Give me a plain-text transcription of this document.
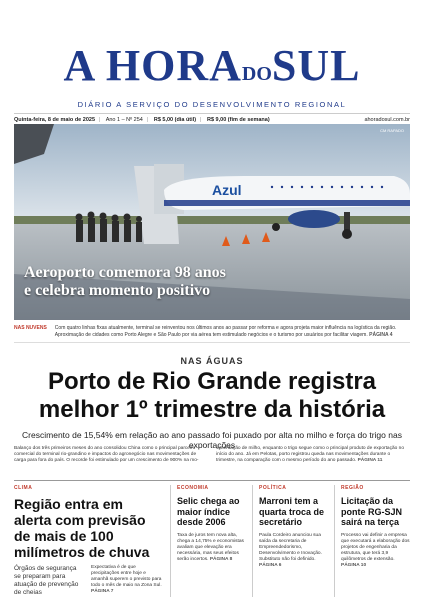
A HORADOSUL
DIÁRIO A SERVIÇO DO DESENVOLVIMENTO REGIONAL
Quinta-feira, 8 de maio de 2025 | Ano 1 – Nº 254 | R$ 5,00 (dia útil) | R$ 9,00 (fim de semana)	ahoradosul.com.br
Azul
CM RAPADO
Aeroporto comemora 98 anos
e celebra momento positivo
NAS NUVENS Com quatro linhas fixas atualmente, terminal se reinventou nos últimos anos ao passar por reforma e agora projeta maior influência na logística da região. Aproximação de cidades como Porto Alegre e São Paulo por via aérea tem estimulado negócios e o turismo por usuários por facilitar viagem. PÁGINA 4
NAS ÁGUAS
Porto de Rio Grande registra
melhor 1º trimestre da história
Crescimento de 15,54% em relação ao ano passado foi puxado por alta no milho e força do trigo nas exportações

Balanço dos três primeiros meses do ano consolidou China como o principal parceiro comercial do terminal rio-grandino e impactos do agronegócio nas movimentações de carga para fora do país. O recorde foi estimulado por um crescimento de 900% na mo-

vimentação de milho, enquanto o trigo segue como o principal produto de exportação no início do ano. Já em Pelotas, porto registrou queda nas movimentações durante o trimestre, na comparação com o mesmo período do ano passado. PÁGINA 11

CLIMA
Região entra em alerta com previsão de mais de 100 milímetros de chuva
Órgãos de segurança se preparam para atuação de prevenção de cheias
Expectativa é de que precipitações entre hoje e amanhã superem o previsto para todo o mês de maio na Zona Sul. PÁGINA 7
ECONOMIA
Selic chega ao maior índice desde 2006
Taxa de juros tem nova alta, chega a 14,75% e economistas avaliam que elevação era necessária, mas seus efeitos serão incertos. PÁGINA 8
POLÍTICA
Marroni tem a quarta troca de secretário
Paula Cordeiro anunciou sua saída da secretaria de Empreendedorismo, Desenvolvimento e Inovação. Substituto não foi definido. PÁGINA 6
REGIÃO
Licitação da ponte RG-SJN sairá na terça
Processo vai definir a empresa que executará a elaboração dos projetos de engenharia da estrutura, que terá 3,9 quilômetros de extensão. PÁGINA 10
